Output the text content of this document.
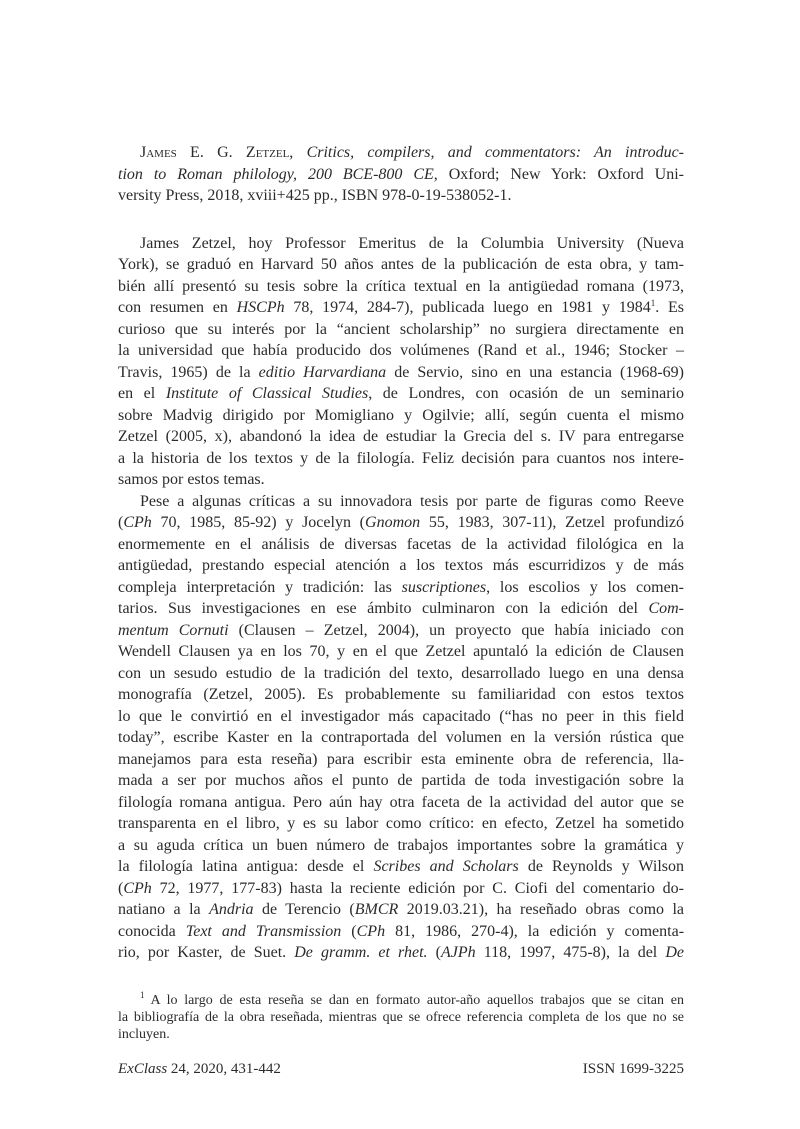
James E. G. Zetzel, Critics, compilers, and commentators: An introduc-
tion to Roman philology, 200 BCE-800 CE, Oxford; New York: Oxford Uni-
versity Press, 2018, xviii+425 pp., ISBN 978-0-19-538052-1.
James Zetzel, hoy Professor Emeritus de la Columbia University (Nueva
York), se graduó en Harvard 50 años antes de la publicación de esta obra, y tam-
bién allí presentó su tesis sobre la crítica textual en la antigüedad romana (1973,
con resumen en HSCPh 78, 1974, 284-7), publicada luego en 1981 y 1984$^1$. Es
curioso que su interés por la “ancient scholarship” no surgiera directamente en
la universidad que había producido dos volúmenes (Rand et al., 1946; Stocker –
Travis, 1965) de la editio Harvardiana de Servio, sino en una estancia (1968-69)
en el Institute of Classical Studies, de Londres, con ocasión de un seminario
sobre Madvig dirigido por Momigliano y Ogilvie; allí, según cuenta el mismo
Zetzel (2005, x), abandonó la idea de estudiar la Grecia del s. IV para entregarse
a la historia de los textos y de la filología. Feliz decisión para cuantos nos intere-
samos por estos temas.
Pese a algunas críticas a su innovadora tesis por parte de figuras como Reeve
(CPh 70, 1985, 85-92) y Jocelyn (Gnomon 55, 1983, 307-11), Zetzel profundizó
enormemente en el análisis de diversas facetas de la actividad filológica en la
antigüedad, prestando especial atención a los textos más escurridizos y de más
compleja interpretación y tradición: las suscriptiones, los escolios y los comen-
tarios. Sus investigaciones en ese ámbito culminaron con la edición del Com-
mentum Cornuti (Clausen – Zetzel, 2004), un proyecto que había iniciado con
Wendell Clausen ya en los 70, y en el que Zetzel apuntaló la edición de Clausen
con un sesudo estudio de la tradición del texto, desarrollado luego en una densa
monografía (Zetzel, 2005). Es probablemente su familiaridad con estos textos
lo que le convirtió en el investigador más capacitado (“has no peer in this field
today”, escribe Kaster en la contraportada del volumen en la versión rústica que
manejamos para esta reseña) para escribir esta eminente obra de referencia, lla-
mada a ser por muchos años el punto de partida de toda investigación sobre la
filología romana antigua. Pero aún hay otra faceta de la actividad del autor que se
transparenta en el libro, y es su labor como crítico: en efecto, Zetzel ha sometido
a su aguda crítica un buen número de trabajos importantes sobre la gramática y
la filología latina antigua: desde el Scribes and Scholars de Reynolds y Wilson
(CPh 72, 1977, 177-83) hasta la reciente edición por C. Ciofi del comentario do-
natiano a la Andria de Terencio (BMCR 2019.03.21), ha reseñado obras como la
conocida Text and Transmission (CPh 81, 1986, 270-4), la edición y comenta-
rio, por Kaster, de Suet. De gramm. et rhet. (AJPh 118, 1997, 475-8), la del De
$^1$ A lo largo de esta reseña se dan en formato autor-año aquellos trabajos que se citan en
la bibliografía de la obra reseñada, mientras que se ofrece referencia completa de los que no se
incluyen.
ExClass 24, 2020, 431-442	ISSN 1699-3225
